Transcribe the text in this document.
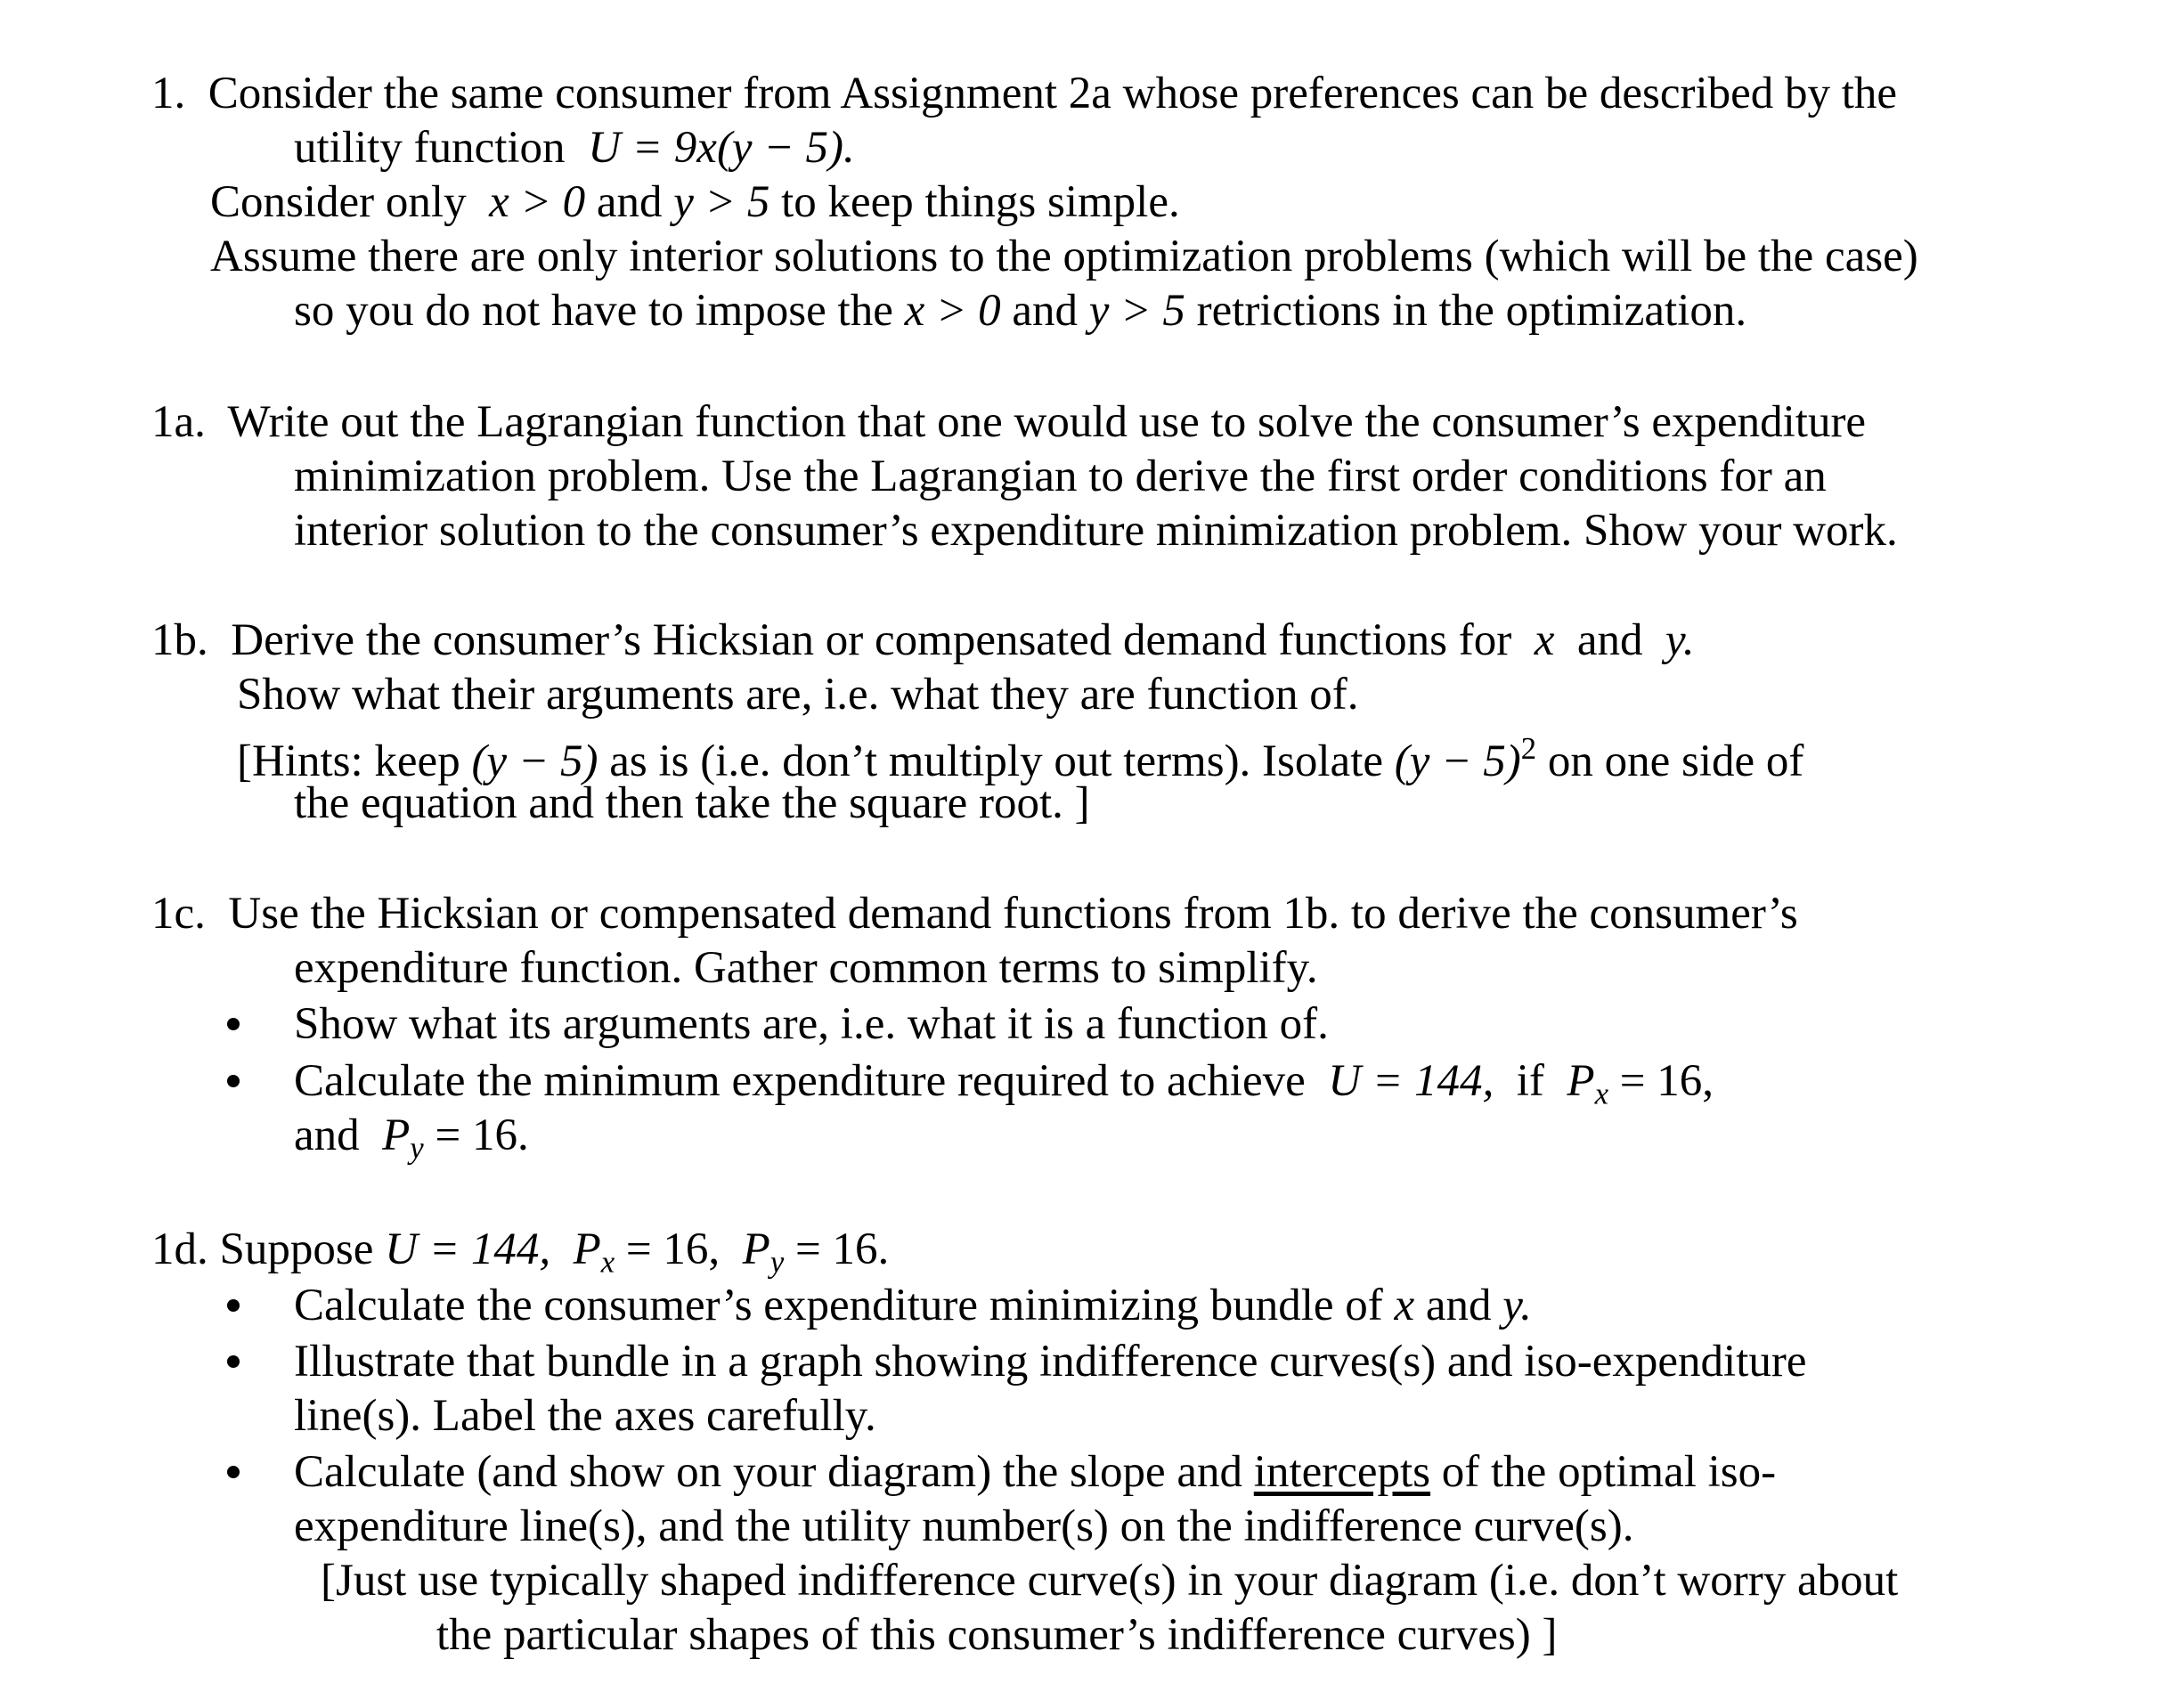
1. Consider the same consumer from Assignment 2a whose preferences can be described by the
utility function U = 9x(y − 5).
Consider only x > 0 and y > 5 to keep things simple.
Assume there are only interior solutions to the optimization problems (which will be the case)
so you do not have to impose the x > 0 and y > 5 retrictions in the optimization.
1a. Write out the Lagrangian function that one would use to solve the consumer’s expenditure
minimization problem. Use the Lagrangian to derive the first order conditions for an
interior solution to the consumer’s expenditure minimization problem. Show your work.
1b. Derive the consumer’s Hicksian or compensated demand functions for x and y.
Show what their arguments are, i.e. what they are function of.
[Hints: keep (y − 5) as is (i.e. don’t multiply out terms). Isolate $(y - 5)^2$ on one side of
the equation and then take the square root. ]
1c. Use the Hicksian or compensated demand functions from 1b. to derive the consumer’s
expenditure function. Gather common terms to simplify.
Show what its arguments are, i.e. what it is a function of.
Calculate the minimum expenditure required to achieve U = 144, if $P_x = 16$,
and $P_y = 16$.
1d. Suppose U = 144, $P_x = 16$, $P_y = 16$.
Calculate the consumer’s expenditure minimizing bundle of x and y.
Illustrate that bundle in a graph showing indifference curves(s) and iso-expenditure
line(s). Label the axes carefully.
Calculate (and show on your diagram) the slope and intercepts of the optimal iso-
expenditure line(s), and the utility number(s) on the indifference curve(s).
[Just use typically shaped indifference curve(s) in your diagram (i.e. don’t worry about
the particular shapes of this consumer’s indifference curves) ]
